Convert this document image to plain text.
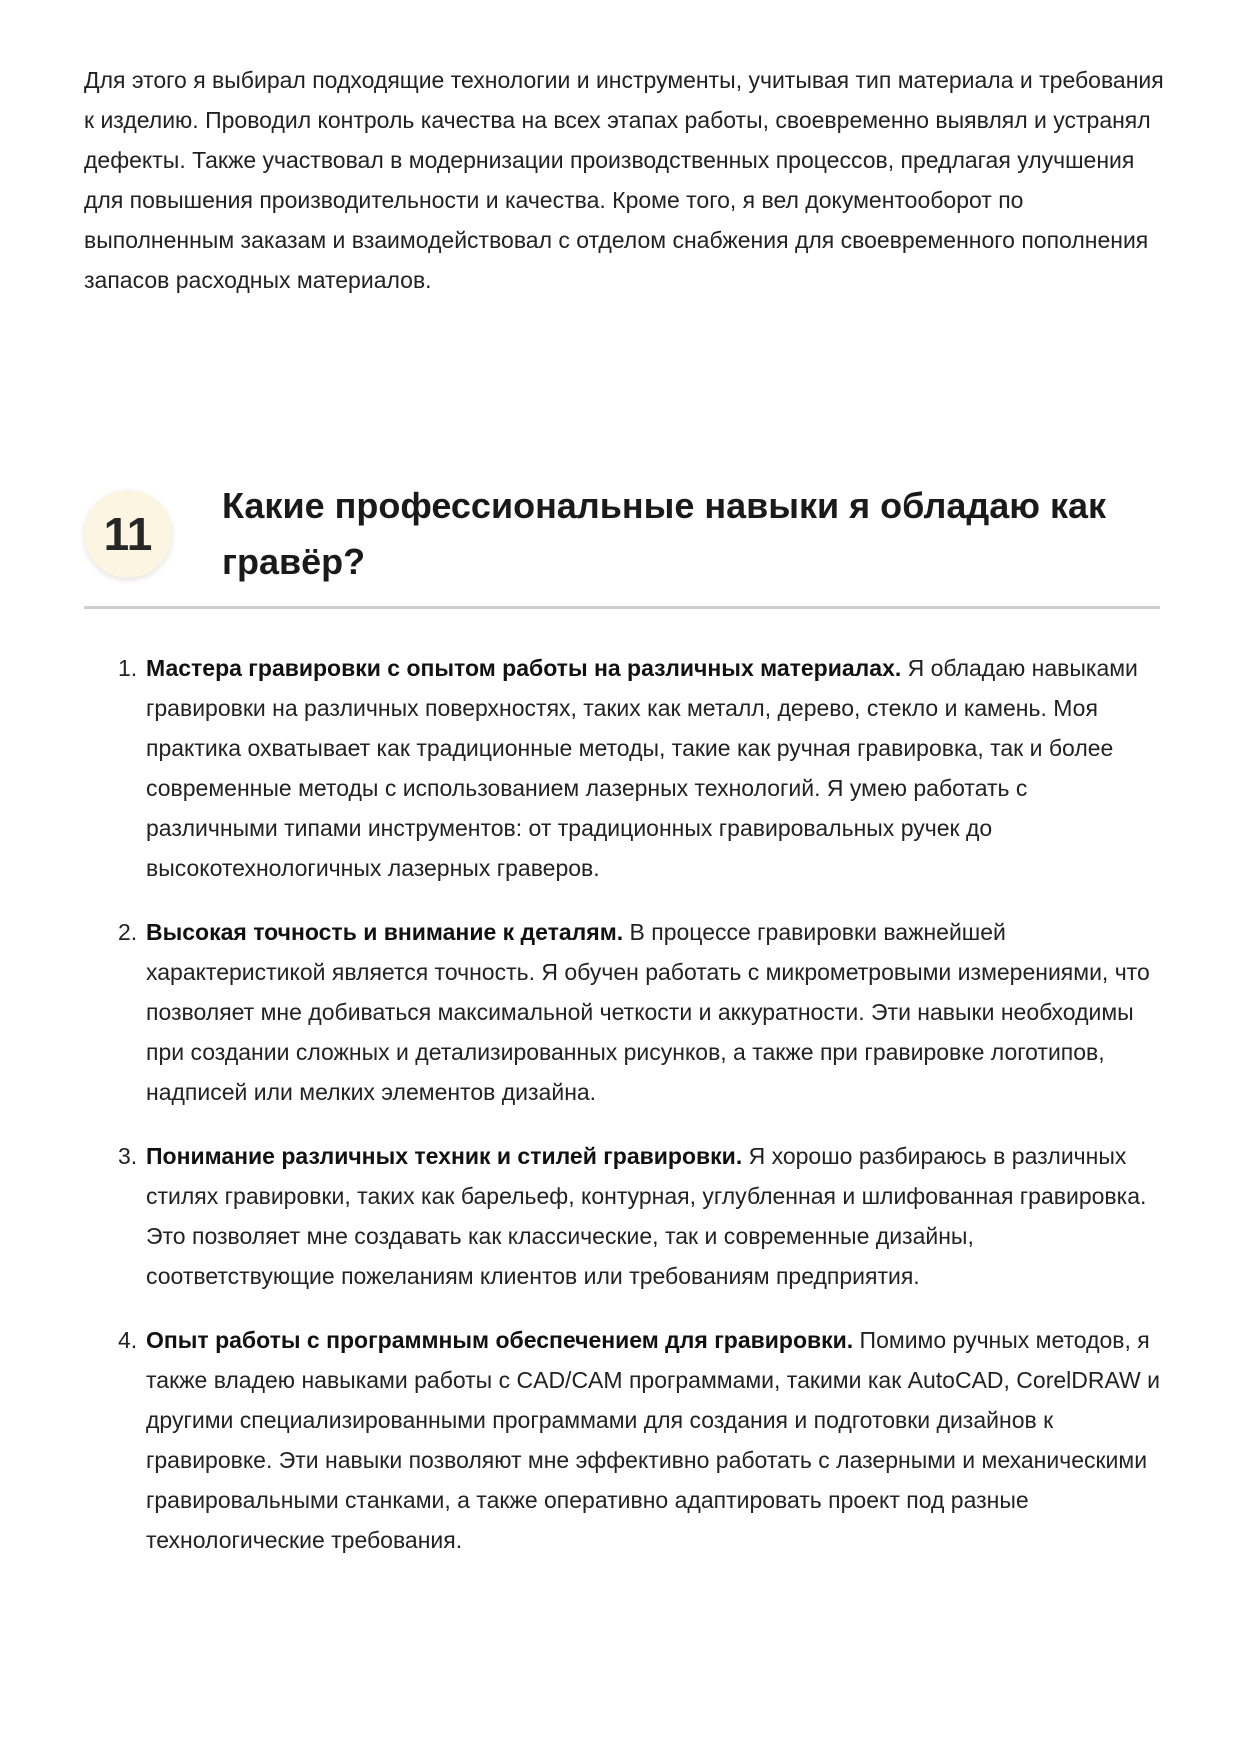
Для этого я выбирал подходящие технологии и инструменты, учитывая тип материала и требования к изделию. Проводил контроль качества на всех этапах работы, своевременно выявлял и устранял дефекты. Также участвовал в модернизации производственных процессов, предлагая улучшения для повышения производительности и качества. Кроме того, я вел документооборот по выполненным заказам и взаимодействовал с отделом снабжения для своевременного пополнения запасов расходных материалов.

11
Какие профессиональные навыки я обладаю как гравёр?
1. Мастера гравировки с опытом работы на различных материалах. Я обладаю навыками гравировки на различных поверхностях, таких как металл, дерево, стекло и камень. Моя практика охватывает как традиционные методы, такие как ручная гравировка, так и более современные методы с использованием лазерных технологий. Я умею работать с различными типами инструментов: от традиционных гравировальных ручек до высокотехнологичных лазерных граверов.
2. Высокая точность и внимание к деталям. В процессе гравировки важнейшей характеристикой является точность. Я обучен работать с микрометровыми измерениями, что позволяет мне добиваться максимальной четкости и аккуратности. Эти навыки необходимы при создании сложных и детализированных рисунков, а также при гравировке логотипов, надписей или мелких элементов дизайна.
3. Понимание различных техник и стилей гравировки. Я хорошо разбираюсь в различных стилях гравировки, таких как барельеф, контурная, углубленная и шлифованная гравировка. Это позволяет мне создавать как классические, так и современные дизайны, соответствующие пожеланиям клиентов или требованиям предприятия.
4. Опыт работы с программным обеспечением для гравировки. Помимо ручных методов, я также владею навыками работы с CAD/CAM программами, такими как AutoCAD, CorelDRAW и другими специализированными программами для создания и подготовки дизайнов к гравировке. Эти навыки позволяют мне эффективно работать с лазерными и механическими гравировальными станками, а также оперативно адаптировать проект под разные технологические требования.
